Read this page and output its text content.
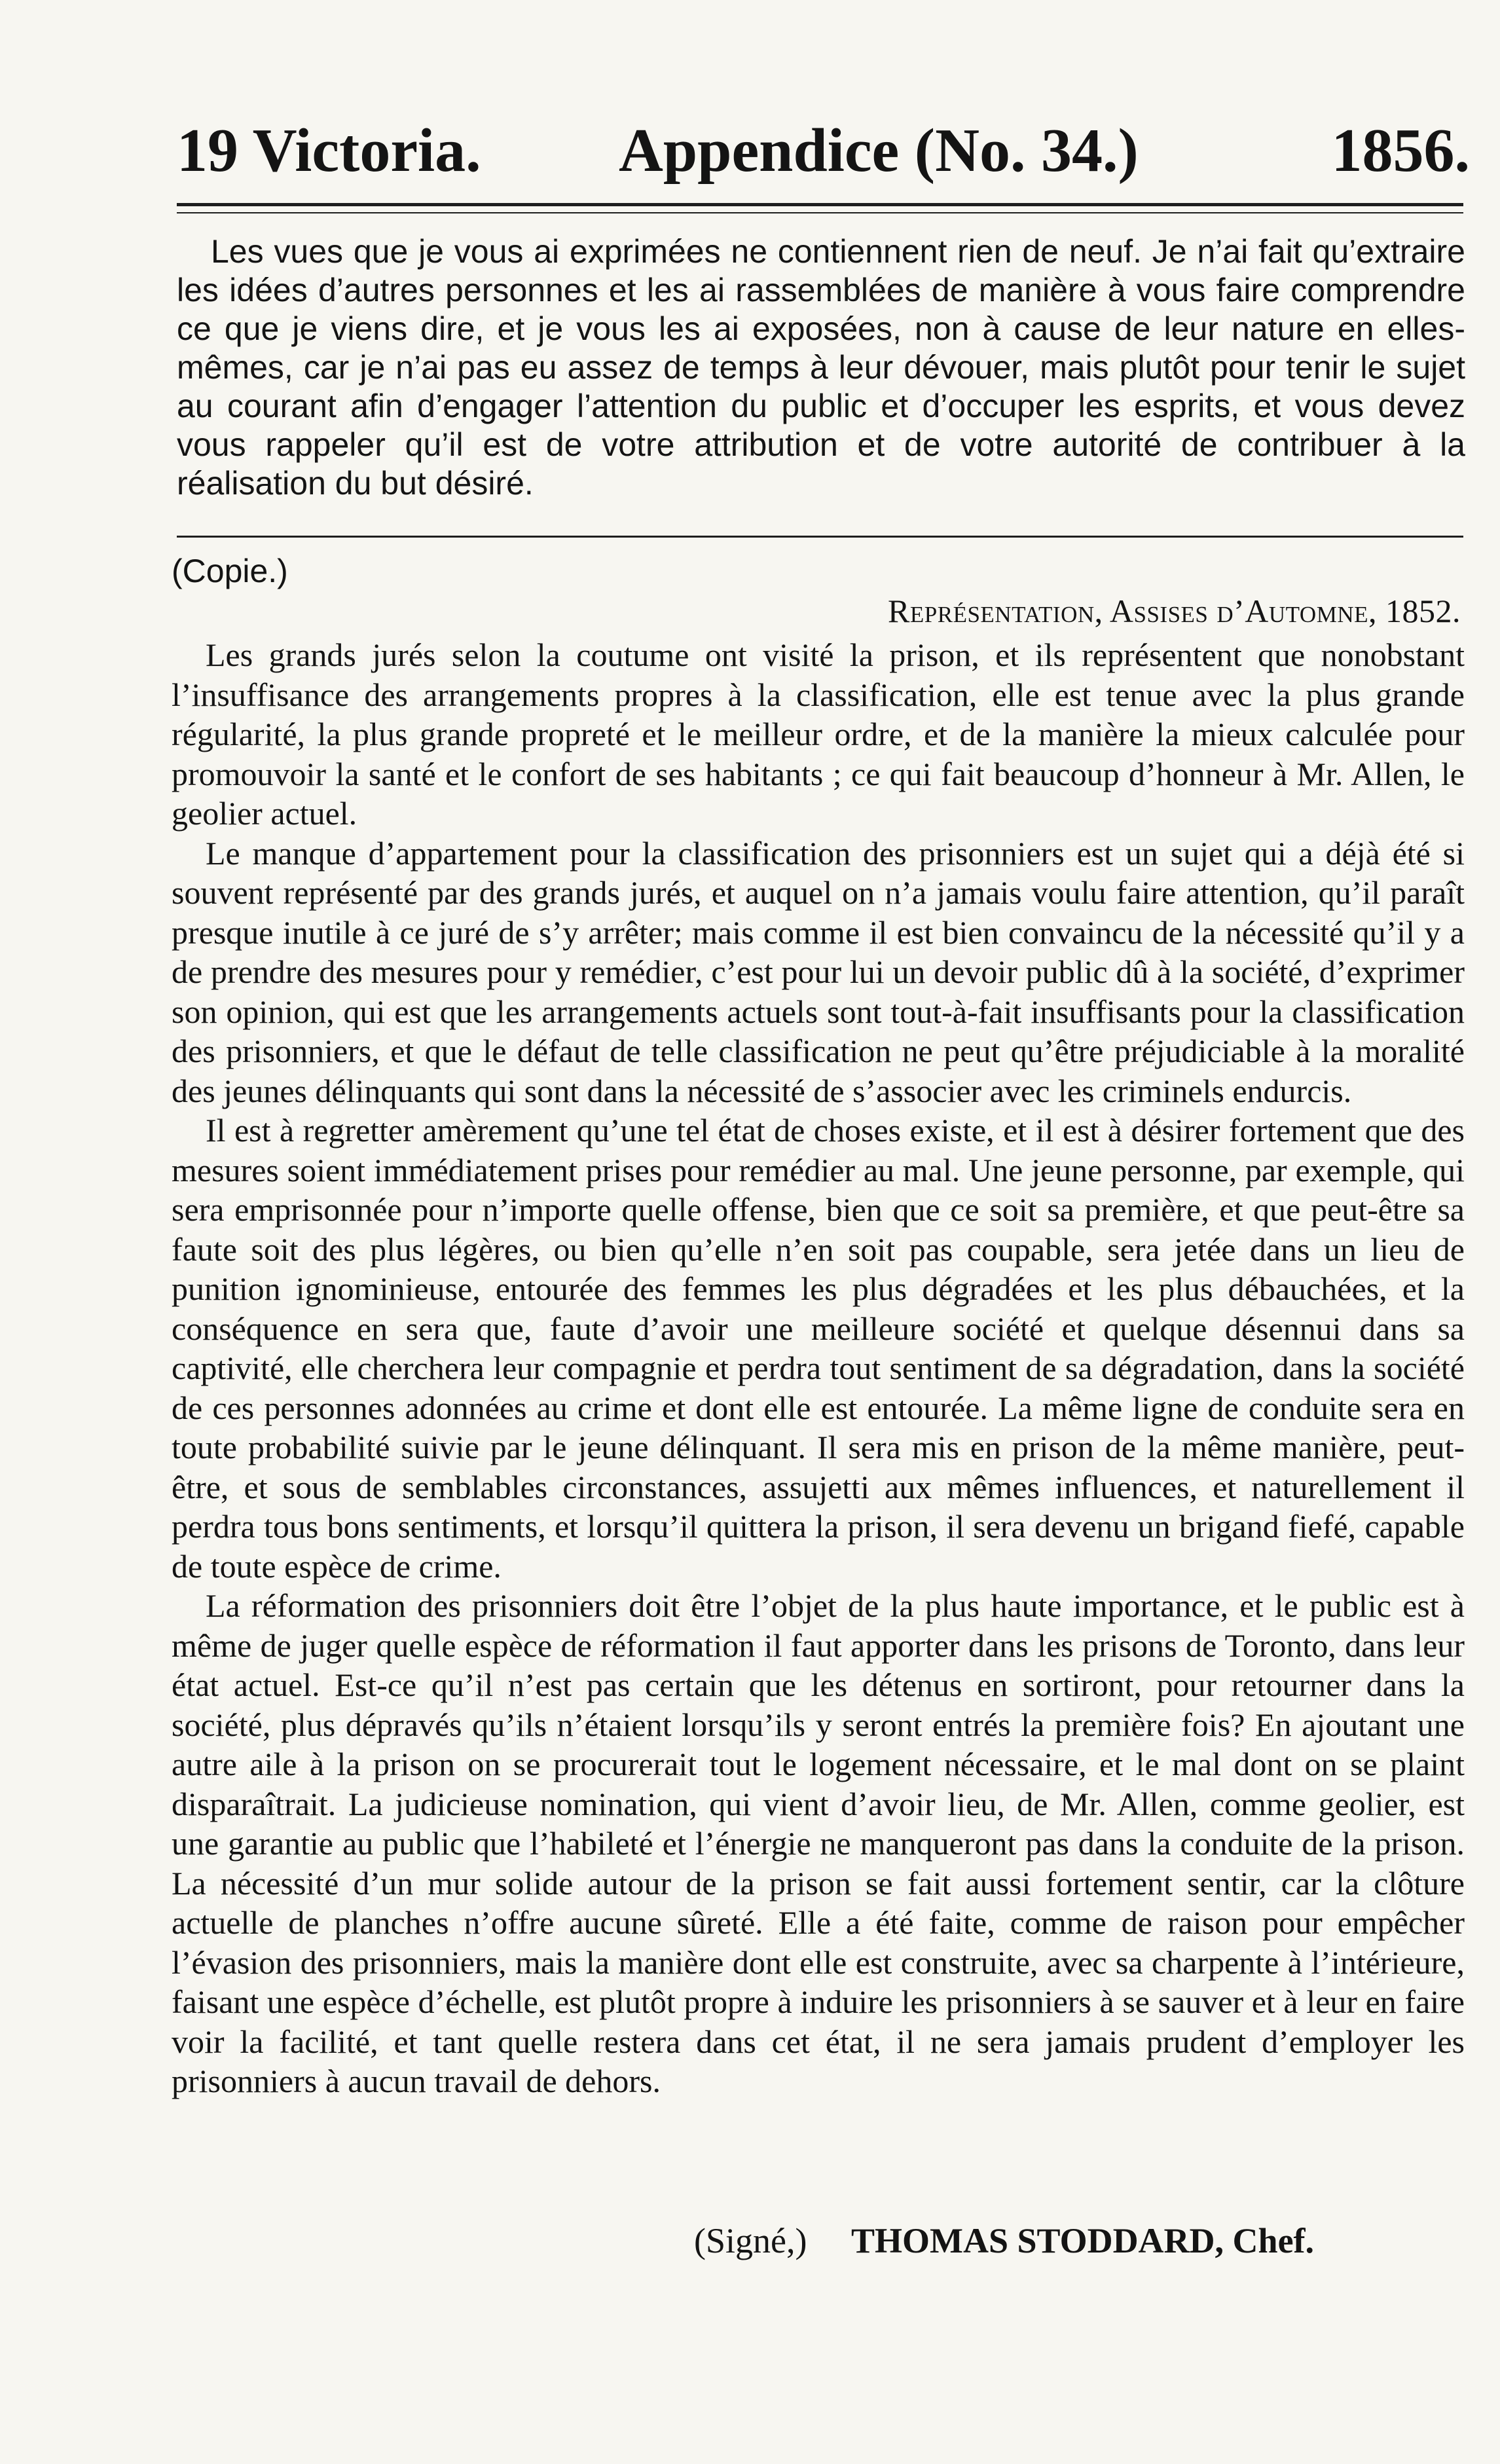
19 Victoria. Appendice (No. 34.)	1856.

Les vues que je vous ai exprimées ne contiennent rien de neuf. Je n’ai fait qu’extraire les idées d’autres personnes et les ai rassemblées de manière à vous faire comprendre ce que je viens dire, et je vous les ai exposées, non à cause de leur nature en elles-mêmes, car je n’ai pas eu assez de temps à leur dévouer, mais plutôt pour tenir le sujet au courant afin d’engager l’attention du public et d’occuper les esprits, et vous devez vous rappeler qu’il est de votre attribution et de votre autorité de contribuer à la réalisation du but désiré.

(Copie.)
Représentation, Assises d’Automne, 1852.

Les grands jurés selon la coutume ont visité la prison, et ils représentent que nonobstant l’insuffisance des arrangements propres à la classification, elle est tenue avec la plus grande régularité, la plus grande propreté et le meilleur ordre, et de la manière la mieux calculée pour promouvoir la santé et le confort de ses habitants ; ce qui fait beaucoup d’honneur à Mr. Allen, le geolier actuel.

Le manque d’appartement pour la classification des prisonniers est un sujet qui a déjà été si souvent représenté par des grands jurés, et auquel on n’a jamais voulu faire attention, qu’il paraît presque inutile à ce juré de s’y arrêter; mais comme il est bien convaincu de la nécessité qu’il y a de prendre des mesures pour y remédier, c’est pour lui un devoir public dû à la société, d’exprimer son opinion, qui est que les arrangements actuels sont tout-à-fait insuffisants pour la classification des prisonniers, et que le défaut de telle classification ne peut qu’être préjudiciable à la moralité des jeunes délinquants qui sont dans la nécessité de s’associer avec les criminels endurcis.

Il est à regretter amèrement qu’une tel état de choses existe, et il est à désirer fortement que des mesures soient immédiatement prises pour remédier au mal. Une jeune personne, par exemple, qui sera emprisonnée pour n’importe quelle offense, bien que ce soit sa première, et que peut-être sa faute soit des plus légères, ou bien qu’elle n’en soit pas coupable, sera jetée dans un lieu de punition ignominieuse, entourée des femmes les plus dégradées et les plus débauchées, et la conséquence en sera que, faute d’avoir une meilleure société et quelque désennui dans sa captivité, elle cherchera leur compagnie et perdra tout sentiment de sa dégradation, dans la société de ces personnes adonnées au crime et dont elle est entourée. La même ligne de conduite sera en toute probabilité suivie par le jeune délinquant. Il sera mis en prison de la même manière, peut-être, et sous de semblables circonstances, assujetti aux mêmes influences, et naturellement il perdra tous bons sentiments, et lorsqu’il quittera la prison, il sera devenu un brigand fiefé, capable de toute espèce de crime.

La réformation des prisonniers doit être l’objet de la plus haute importance, et le public est à même de juger quelle espèce de réformation il faut apporter dans les prisons de Toronto, dans leur état actuel. Est-ce qu’il n’est pas certain que les détenus en sortiront, pour retourner dans la société, plus dépravés qu’ils n’étaient lorsqu’ils y seront entrés la première fois? En ajoutant une autre aile à la prison on se procurerait tout le logement nécessaire, et le mal dont on se plaint disparaîtrait. La judicieuse nomination, qui vient d’avoir lieu, de Mr. Allen, comme geolier, est une garantie au public que l’habileté et l’énergie ne manqueront pas dans la conduite de la prison. La nécessité d’un mur solide autour de la prison se fait aussi fortement sentir, car la clôture actuelle de planches n’offre aucune sûreté. Elle a été faite, comme de raison pour empêcher l’évasion des prisonniers, mais la manière dont elle est construite, avec sa charpente à l’intérieure, faisant une espèce d’échelle, est plutôt propre à induire les prisonniers à se sauver et à leur en faire voir la facilité, et tant quelle restera dans cet état, il ne sera jamais prudent d’employer les prisonniers à aucun travail de dehors.

(Signé,) THOMAS STODDARD, Chef.
